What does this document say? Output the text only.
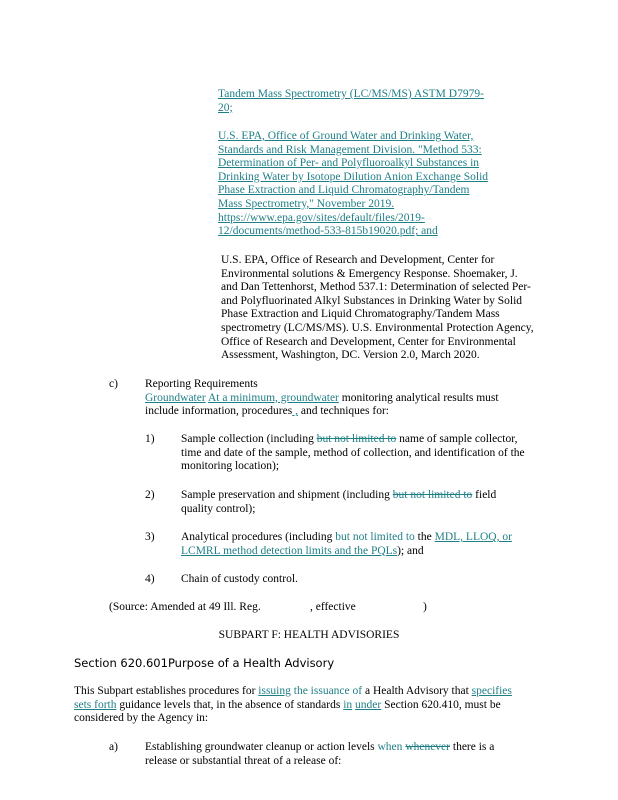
Tandem Mass Spectrometry (LC/MS/MS) ASTM D7979-
20;
U.S. EPA, Office of Ground Water and Drinking Water,
Standards and Risk Management Division. "Method 533:
Determination of Per- and Polyfluoroalkyl Substances in
Drinking Water by Isotope Dilution Anion Exchange Solid
Phase Extraction and Liquid Chromatography/Tandem
Mass Spectrometry," November 2019.
https://www.epa.gov/sites/default/files/2019-
12/documents/method-533-815b19020.pdf; and
U.S. EPA, Office of Research and Development, Center for
Environmental solutions & Emergency Response. Shoemaker, J.
and Dan Tettenhorst, Method 537.1: Determination of selected Per-
and Polyfluorinated Alkyl Substances in Drinking Water by Solid
Phase Extraction and Liquid Chromatography/Tandem Mass
spectrometry (LC/MS/MS). U.S. Environmental Protection Agency,
Office of Research and Development, Center for Environmental
Assessment, Washington, DC. Version 2.0, March 2020.
c) Reporting Requirements
Groundwater At a minimum, groundwater monitoring analytical results must
include information, procedures , and techniques for:
1) Sample collection (including but not limited to name of sample collector,
time and date of the sample, method of collection, and identification of the
monitoring location);
2) Sample preservation and shipment (including but not limited to field
quality control);
3) Analytical procedures (including but not limited to the MDL, LLOQ, or
LCMRL method detection limits and the PQLs); and
4) Chain of custody control.
(Source: Amended at 49 Ill. Reg.	, effective	)
SUBPART F: HEALTH ADVISORIES
Section 620.601Purpose of a Health Advisory
This Subpart establishes procedures for issuing the issuance of a Health Advisory that specifies
sets forth guidance levels that, in the absence of standards in under Section 620.410, must be
considered by the Agency in:
a) Establishing groundwater cleanup or action levels when whenever there is a
release or substantial threat of a release of:
